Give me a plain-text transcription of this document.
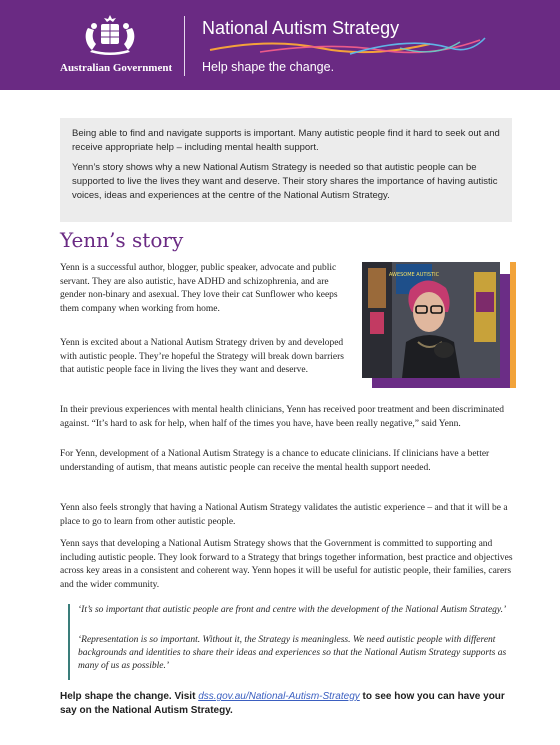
Australian Government
National Autism Strategy
Help shape the change.

Being able to find and navigate supports is important. Many autistic people find it hard to seek out and receive appropriate help – including mental health support.

Yenn’s story shows why a new National Autism Strategy is needed so that autistic people can be supported to live the lives they want and deserve. Their story shares the importance of having autistic voices, ideas and experiences at the centre of the National Autism Strategy.

Yenn’s story
AWESOME AUTISTIC

Yenn is a successful author, blogger, public speaker, advocate and public servant. They are also autistic, have ADHD and schizophrenia, and are gender non-binary and asexual. They love their cat Sunflower who keeps them company when working from home.

Yenn is excited about a National Autism Strategy driven by and developed with autistic people. They’re hopeful the Strategy will break down barriers that autistic people face in living the lives they want and deserve.

In their previous experiences with mental health clinicians, Yenn has received poor treatment and been discriminated against. “It’s hard to ask for help, when half of the times you have, have been really negative,” said Yenn.

For Yenn, development of a National Autism Strategy is a chance to educate clinicians. If clinicians have a better understanding of autism, that means autistic people can receive the mental health support needed.

Yenn also feels strongly that having a National Autism Strategy validates the autistic experience – and that it will be a place to go to learn from other autistic people.

Yenn says that developing a National Autism Strategy shows that the Government is committed to supporting and including autistic people. They look forward to a Strategy that brings together information, best practice and objectives across key areas in a consistent and coherent way. Yenn hopes it will be useful for autistic people, their families, carers and the wider community.

‘It’s so important that autistic people are front and centre with the development of the National Autism Strategy.’

‘Representation is so important. Without it, the Strategy is meaningless. We need autistic people with different backgrounds and identities to share their ideas and experiences so that the National Autism Strategy supports as many of us as possible.’

Help shape the change. Visit dss.gov.au/National-Autism-Strategy to see how you can have your say on the National Autism Strategy.
